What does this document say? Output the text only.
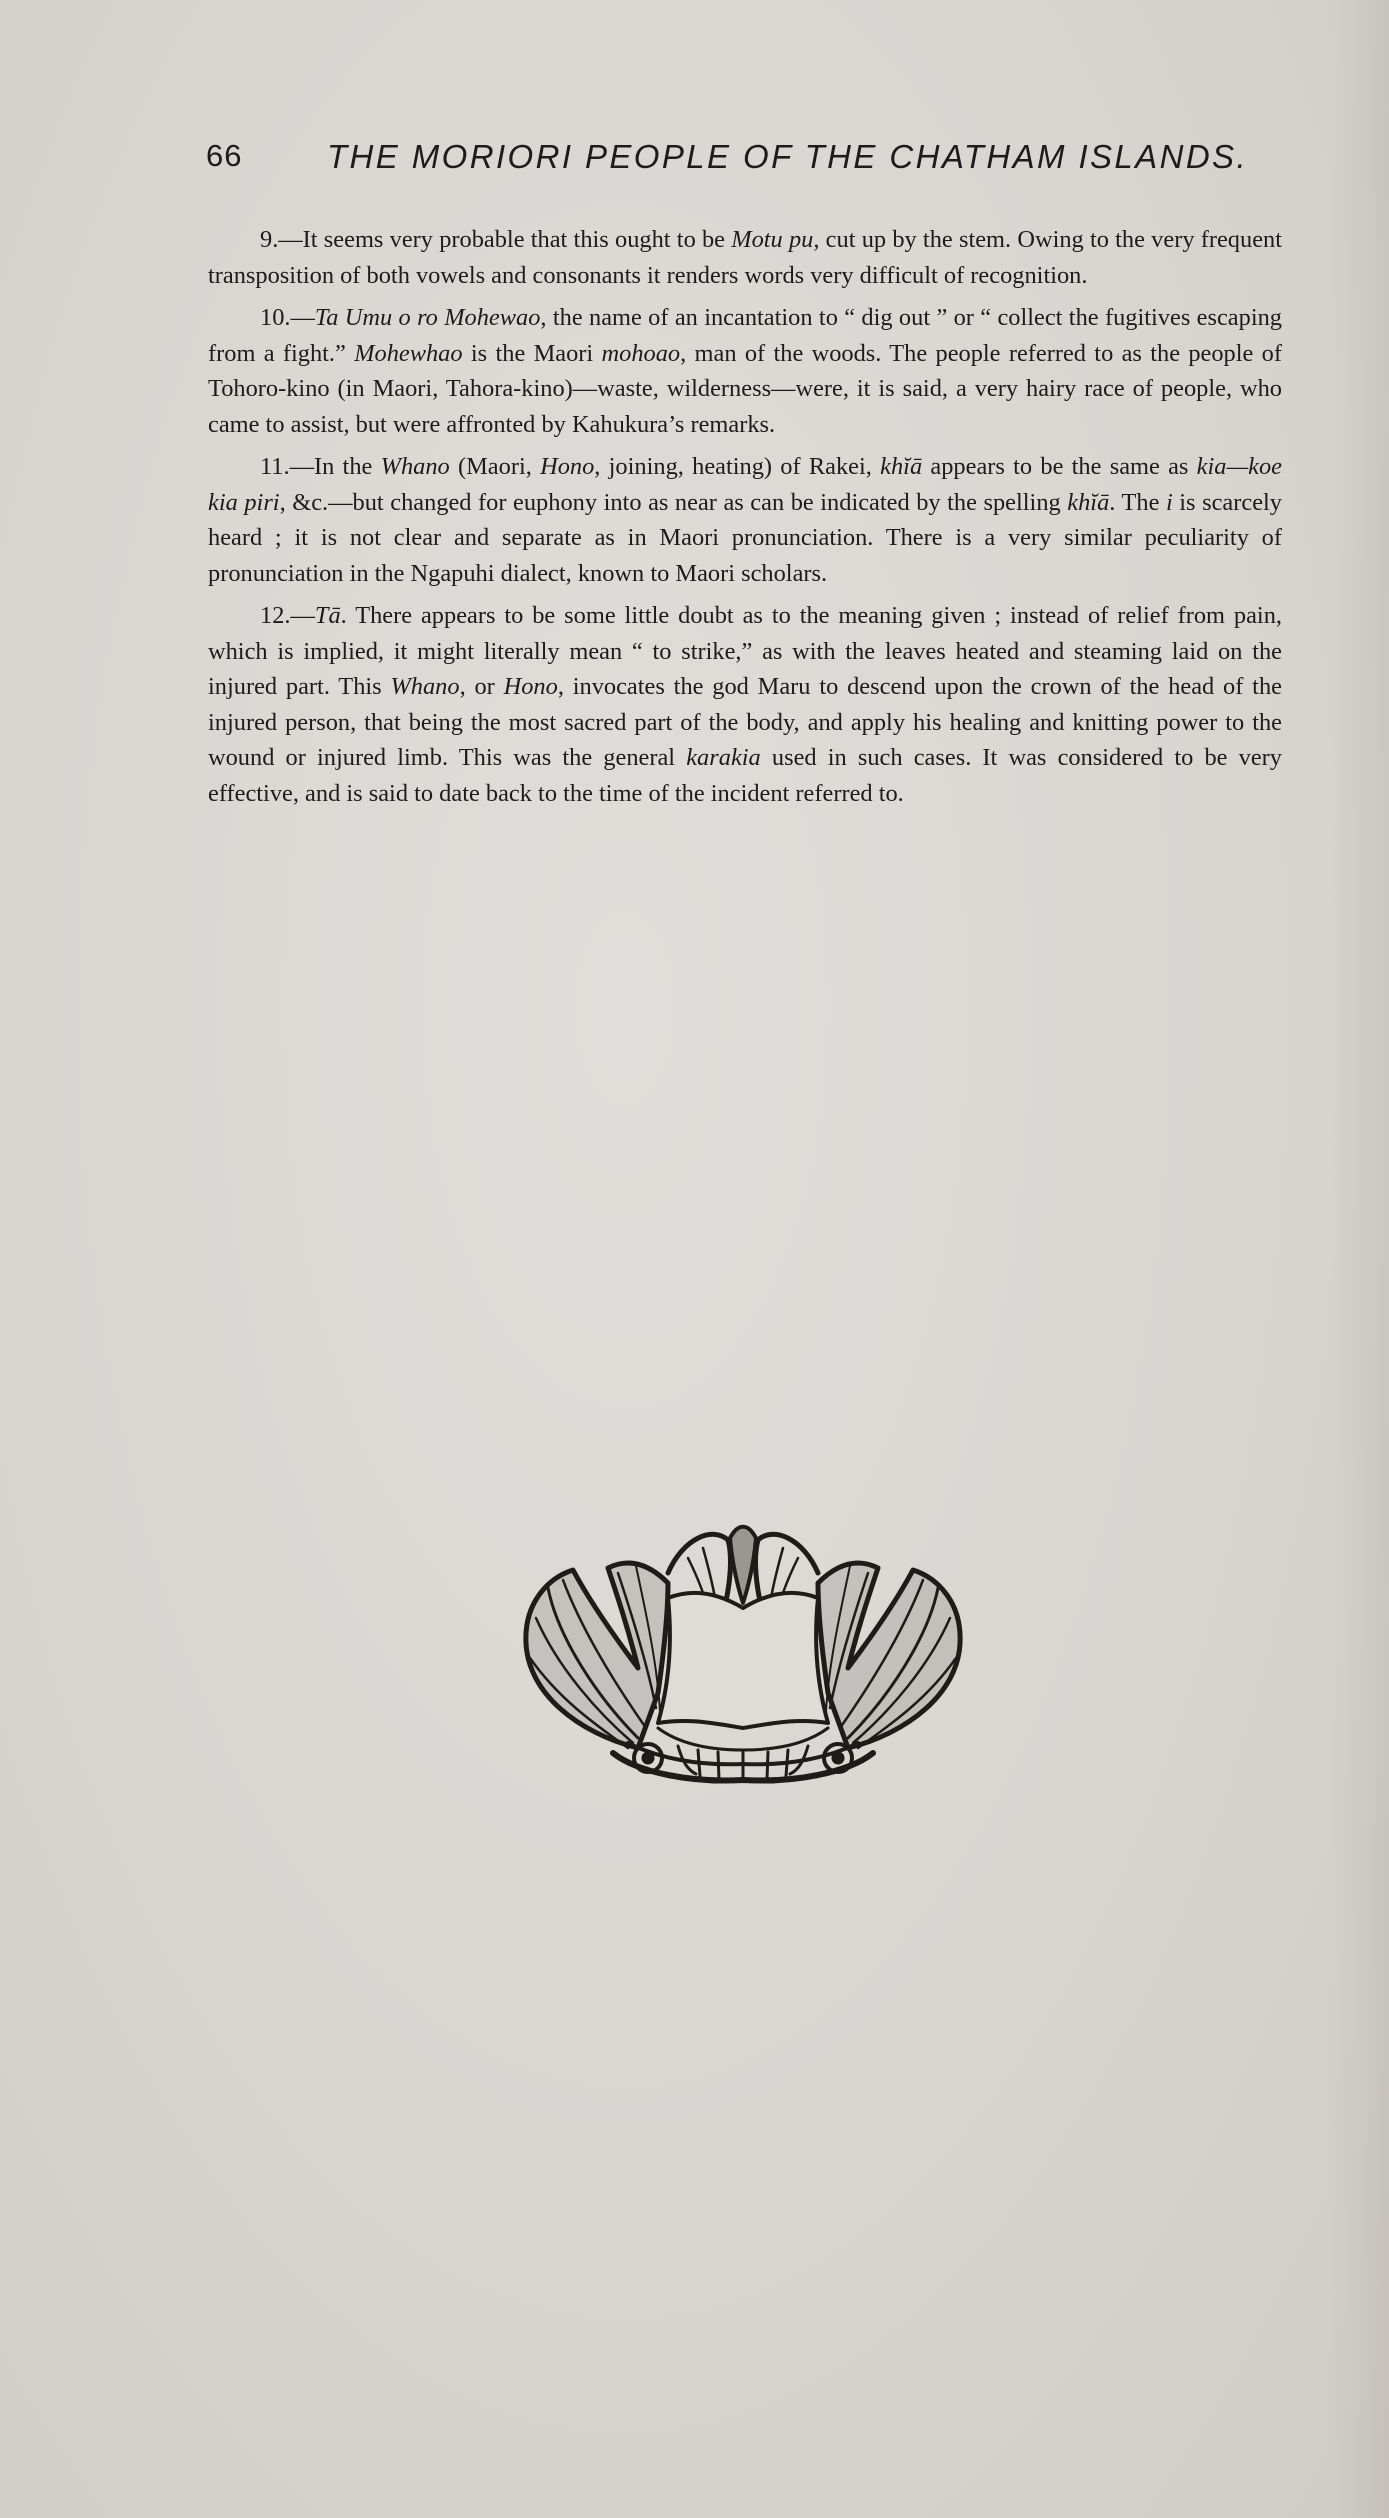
66	THE MORIORI PEOPLE OF THE CHATHAM ISLANDS.

9.—It seems very probable that this ought to be Motu pu, cut up by the stem. Owing to the very frequent transposition of both vowels and consonants it renders words very difficult of recognition.

10.—Ta Umu o ro Mohewao, the name of an incantation to “ dig out ” or “ collect the fugitives escaping from a fight.” Mohewhao is the Maori mohoao, man of the woods. The people referred to as the people of Tohoro-kino (in Maori, Tahora-kino)—waste, wilderness—were, it is said, a very hairy race of people, who came to assist, but were affronted by Kahukura’s remarks.

11.—In the Whano (Maori, Hono, joining, heating) of Rakei, khĭā appears to be the same as kia—koe kia piri, &c.—but changed for euphony into as near as can be indicated by the spelling khĭā. The i is scarcely heard ; it is not clear and separate as in Maori pronunciation. There is a very similar peculiarity of pronunciation in the Ngapuhi dialect, known to Maori scholars.

12.—Tā. There appears to be some little doubt as to the meaning given ; instead of relief from pain, which is implied, it might literally mean “ to strike,” as with the leaves heated and steaming laid on the injured part. This Whano, or Hono, invocates the god Maru to descend upon the crown of the head of the injured person, that being the most sacred part of the body, and apply his healing and knitting power to the wound or injured limb. This was the general karakia used in such cases. It was considered to be very effective, and is said to date back to the time of the incident referred to.
